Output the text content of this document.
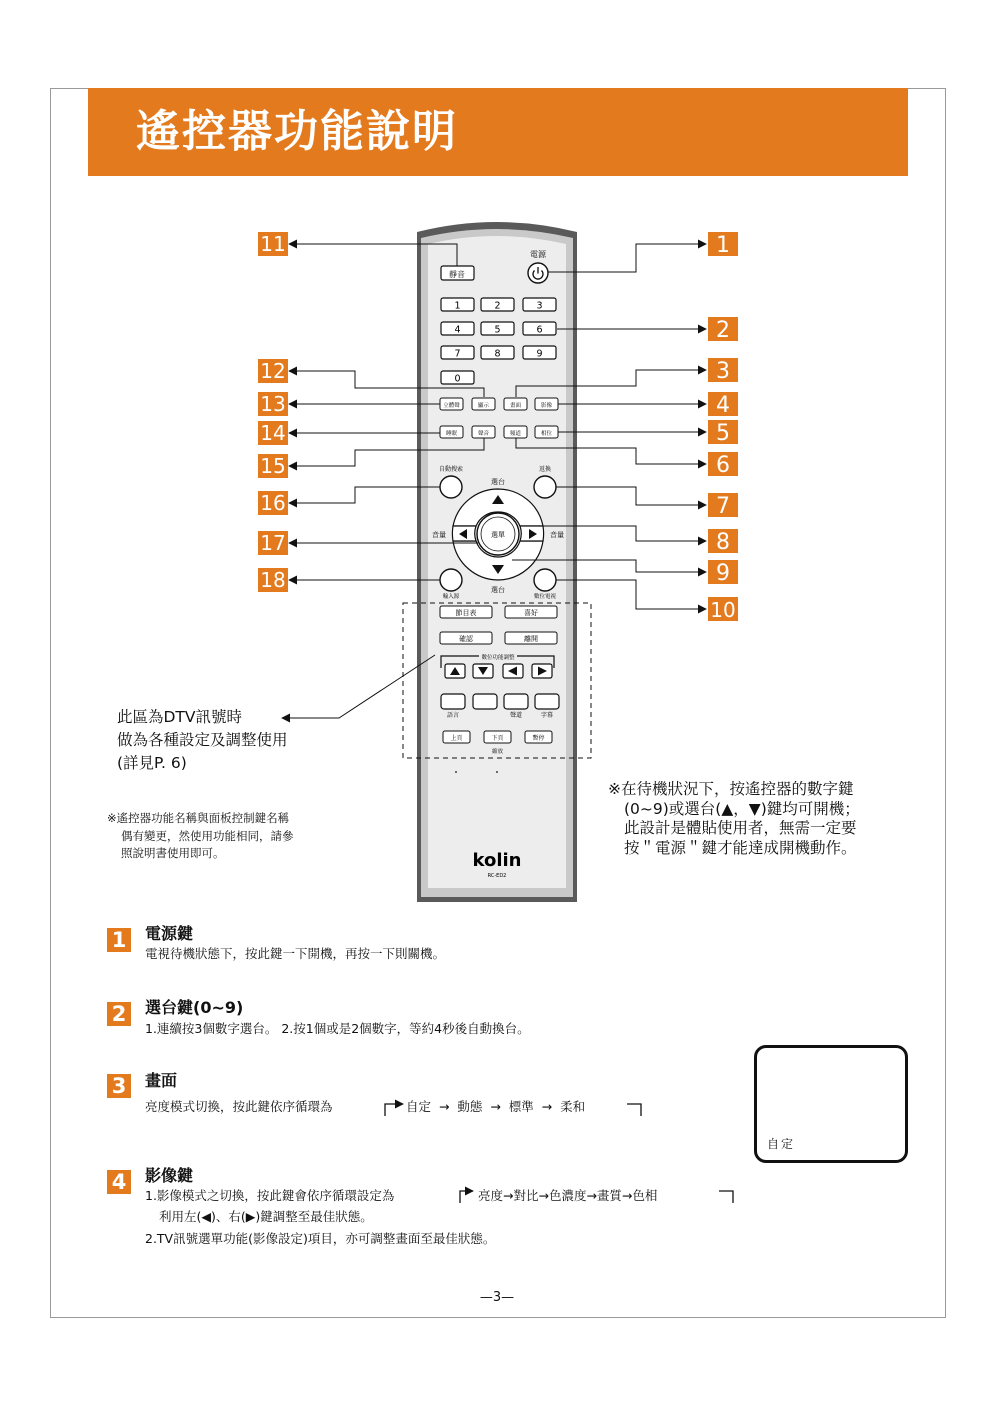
遙控器功能說明
靜音
電源
1	2	3
4	5	6
7	8	9
0
立體聲	顯示	畫面	影像
睡眠	聲音	頻道	相位
自動搜索	返換
選台
選單
音量	音量
選台
輸入源	數位電視
節目表	喜好
確認	離開
數位功能調整
語言	聲道	字幕
上頁	下頁	暫停
縮放
kolin
RC-ED2
1
2
3
4
5
6
7
8
9
10
11
12
13
14
15
16
17
18
此區為DTV訊號時
做為各種設定及調整使用
(詳見P. 6)
※遙控器功能名稱與面板控制鍵名稱
偶有變更，然使用功能相同，請參
照說明書使用即可。
※在待機狀況下，按遙控器的數字鍵
(0~9)或選台(▲，▼)鍵均可開機；
此設計是體貼使用者，無需一定要
按＂電源＂鍵才能達成開機動作。
1 電源鍵
電視待機狀態下，按此鍵一下開機，再按一下則關機。
2 選台鍵(0~9)
1.連續按3個數字選台。 2.按1個或是2個數字，等約4秒後自動換台。
3 畫面
亮度模式切換，按此鍵依序循環為	自定  →  動態  →  標準  →  柔和
4 影像鍵
1.影像模式之切換，按此鍵會依序循環設定為	亮度→對比→色濃度→畫質→色相
利用左(◀)、右(▶)鍵調整至最佳狀態。
2.TV訊號選單功能(影像設定)項目，亦可調整畫面至最佳狀態。
自定
—3—
